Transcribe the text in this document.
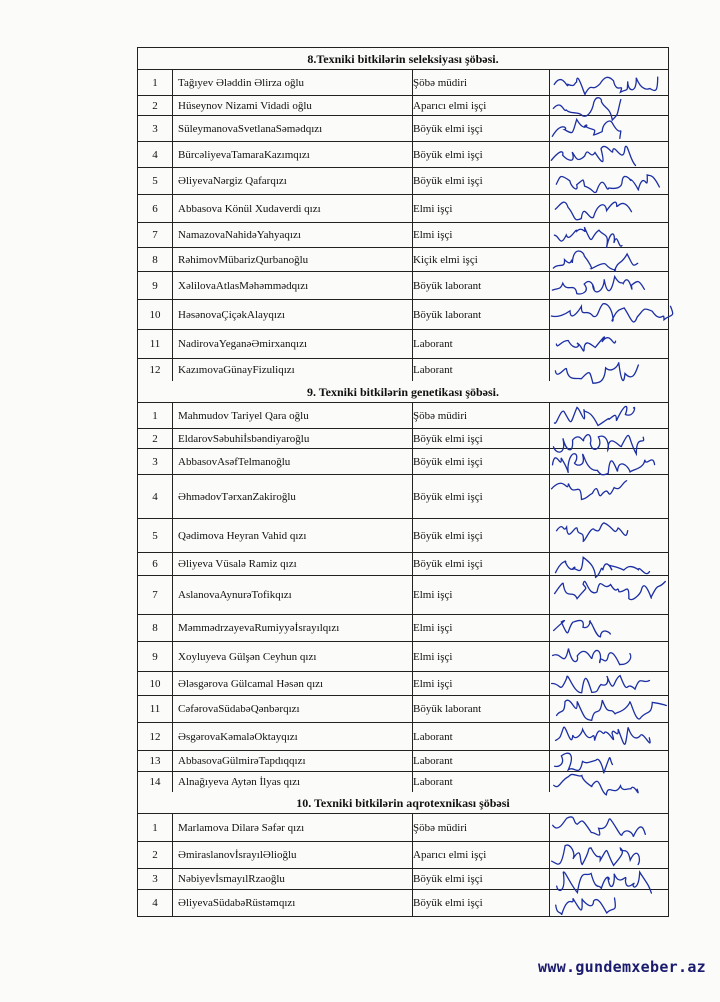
8.Texniki bitkilərin seleksiyası şöbəsi.
1	Tağıyev Ələddin Əlirza oğlu	Şöbə müdiri
2	Hüseynov Nizami Vidadi oğlu	Aparıcı elmi işçi
3	SüleymanovaSvetlanaSəmədqızı	Böyük elmi işçi
4	BürcəliyevaTamaraKazımqızı	Böyük elmi işçi
5	ƏliyevaNərgiz Qafarqızı	Böyük elmi işçi
6	Abbasova Könül Xudaverdi qızı	Elmi işçi
7	NamazovaNahidəYahyaqızı	Elmi işçi
8	RəhimovMübarizQurbanoğlu	Kiçik elmi işçi
9	XəlilovaAtlasMəhəmmədqızı	Böyük laborant
10	HəsənovaÇiçəkAlayqızı	Böyük laborant
11	NadirovaYeganəƏmirxanqızı	Laborant
12	KazımovaGünayFizuliqızı	Laborant
9. Texniki bitkilərin genetikası şöbəsi.
1	Mahmudov Tariyel Qara oğlu	Şöbə müdiri
2	EldarovSəbuhiİsbəndiyaroğlu	Böyük elmi işçi
3	AbbasovAsəfTelmanoğlu	Böyük elmi işçi
4	ƏhmədovTərxanZakiroğlu	Böyük elmi işçi
5	Qədimova Heyran Vahid qızı	Böyük elmi işçi
6	Əliyeva Vüsalə Ramiz qızı	Böyük elmi işçi
7	AslanovaAynurəTofikqızı	Elmi işçi
8	MəmmədrzayevaRumiyyəİsrayılqızı	Elmi işçi
9	Xoyluyeva Gülşən Ceyhun qızı	Elmi işçi
10	Ələsgərova Gülcamal Həsən qızı	Elmi işçi
11	CəfərovaSüdabəQənbərqızı	Böyük laborant
12	ƏsgərovaKəmaləOktayqızı	Laborant
13	AbbasovaGülmirəTapdıqqızı	Laborant
14	Alnağıyeva Aytən İlyas qızı	Laborant
10. Texniki bitkilərin aqrotexnikası şöbəsi
1	Marlamova Dilarə Səfər qızı	Şöbə müdiri
2	ƏmiraslanovİsrayılƏlioğlu	Aparıcı elmi işçi
3	NəbiyevİsmayılRzaoğlu	Böyük elmi işçi
4	ƏliyevaSüdabəRüstəmqızı	Böyük elmi işçi
www.gundemxeber.az
